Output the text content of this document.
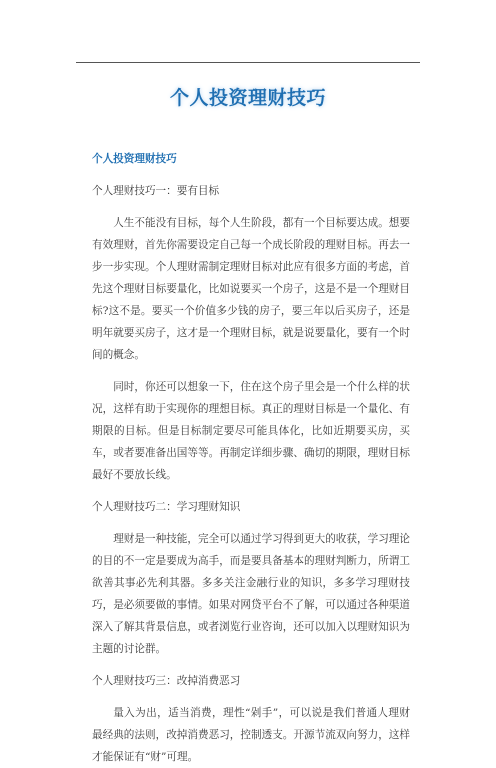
个人投资理财技巧

个人投资理财技巧

个人理财技巧一：要有目标

人生不能没有目标，每个人生阶段，都有一个目标要达成。想要有效理财，首先你需要设定自己每一个成长阶段的理财目标。再去一步一步实现。个人理财需制定理财目标对此应有很多方面的考虑，首先这个理财目标要量化，比如说要买一个房子，这是不是一个理财目标?这不是。要买一个价值多少钱的房子，要三年以后买房子，还是明年就要买房子，这才是一个理财目标，就是说要量化，要有一个时间的概念。

同时，你还可以想象一下，住在这个房子里会是一个什么样的状况，这样有助于实现你的理想目标。真正的理财目标是一个量化、有期限的目标。但是目标制定要尽可能具体化，比如近期要买房，买车，或者要准备出国等等。再制定详细步骤、确切的期限，理财目标最好不要放长线。

个人理财技巧二：学习理财知识

理财是一种技能，完全可以通过学习得到更大的收获，学习理论的目的不一定是要成为高手，而是要具备基本的理财判断力，所谓工欲善其事必先利其器。多多关注金融行业的知识，多多学习理财技巧，是必须要做的事情。如果对网贷平台不了解，可以通过各种渠道深入了解其背景信息，或者浏览行业咨询，还可以加入以理财知识为主题的讨论群。

个人理财技巧三：改掉消费恶习

量入为出，适当消费，理性“剁手”，可以说是我们普通人理财最经典的法则，改掉消费恶习，控制透支。开源节流双向努力，这样才能保证有“财”可理。
